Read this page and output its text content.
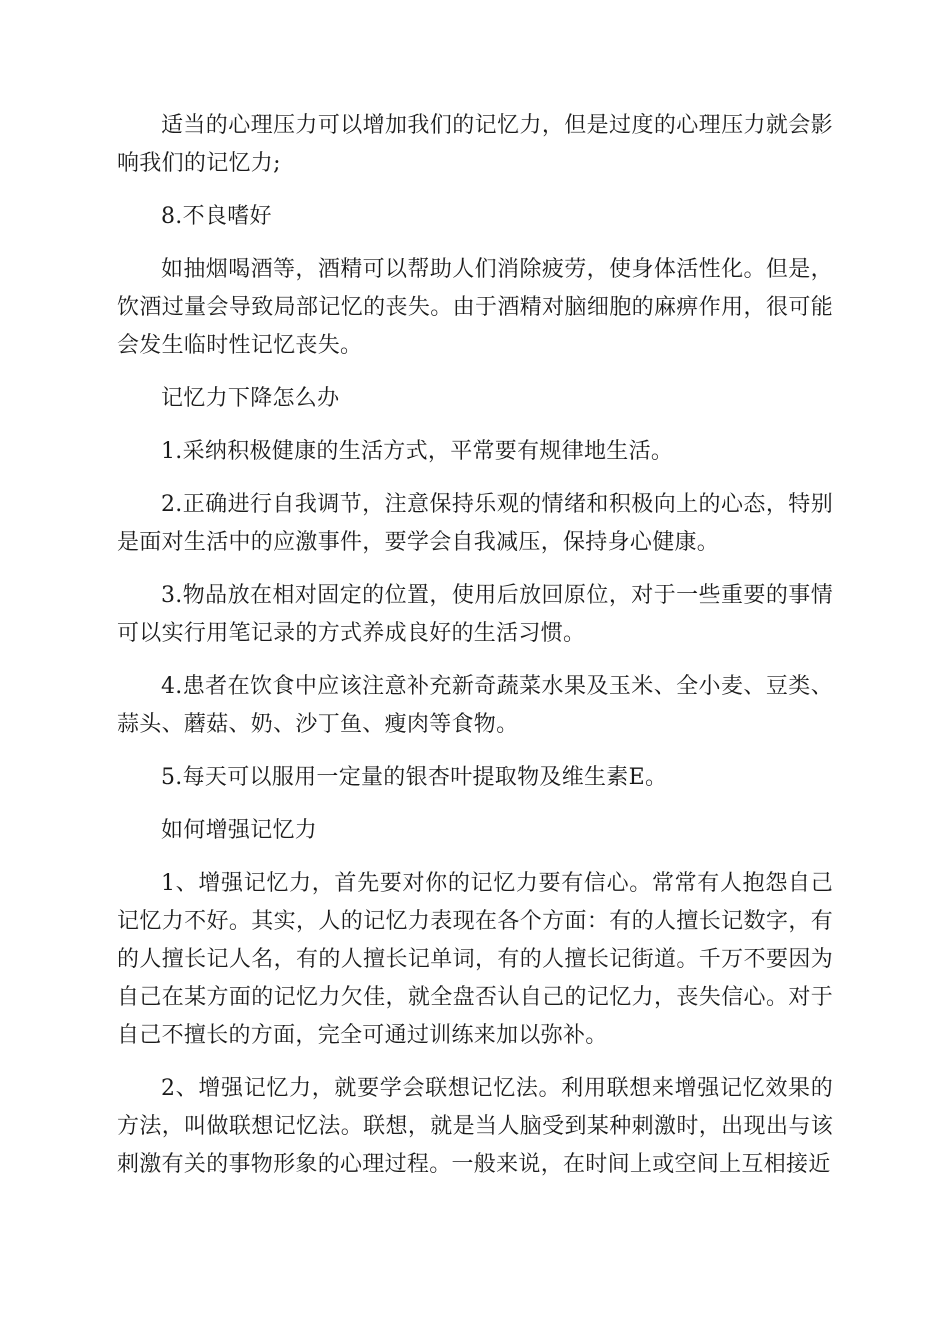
适当的心理压力可以增加我们的记忆力，但是过度的心理压力就会影响我们的记忆力;

8.不良嗜好

如抽烟喝酒等，酒精可以帮助人们消除疲劳，使身体活性化。但是，饮酒过量会导致局部记忆的丧失。由于酒精对脑细胞的麻痹作用，很可能会发生临时性记忆丧失。

记忆力下降怎么办

1.采纳积极健康的生活方式，平常要有规律地生活。

2.正确进行自我调节，注意保持乐观的情绪和积极向上的心态，特别是面对生活中的应激事件，要学会自我减压，保持身心健康。

3.物品放在相对固定的位置，使用后放回原位，对于一些重要的事情可以实行用笔记录的方式养成良好的生活习惯。

4.患者在饮食中应该注意补充新奇蔬菜水果及玉米、全小麦、豆类、蒜头、蘑菇、奶、沙丁鱼、瘦肉等食物。

5.每天可以服用一定量的银杏叶提取物及维生素E。

如何增强记忆力

1、增强记忆力，首先要对你的记忆力要有信心。常常有人抱怨自己记忆力不好。其实，人的记忆力表现在各个方面：有的人擅长记数字，有的人擅长记人名，有的人擅长记单词，有的人擅长记街道。千万不要因为自己在某方面的记忆力欠佳，就全盘否认自己的记忆力，丧失信心。对于自己不擅长的方面，完全可通过训练来加以弥补。

2、增强记忆力，就要学会联想记忆法。利用联想来增强记忆效果的方法，叫做联想记忆法。联想，就是当人脑受到某种刺激时，出现出与该刺激有关的事物形象的心理过程。一般来说，在时间上或空间上互相接近
